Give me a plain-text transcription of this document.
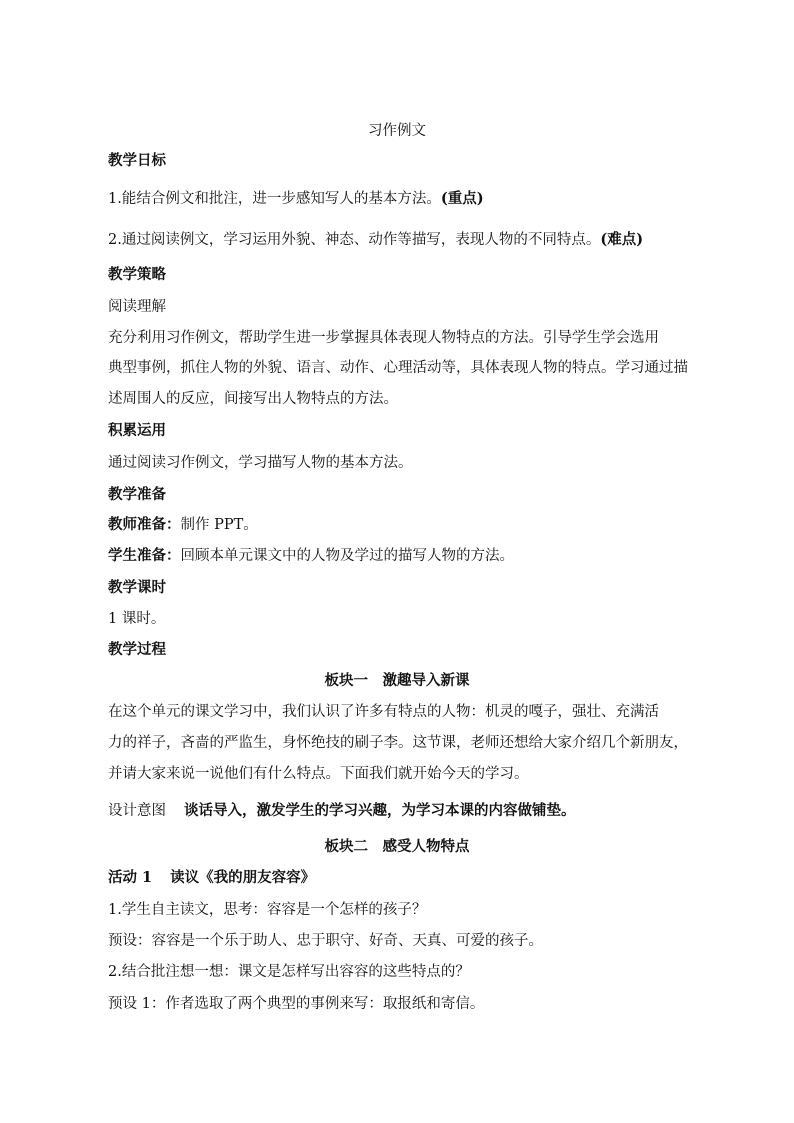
习作例文
教学日标
1.能结合例文和批注，进一步感知写人的基本方法。(重点)
2.通过阅读例文，学习运用外貌、神态、动作等描写，表现人物的不同特点。(难点)
教学策略
阅读理解
充分利用习作例文，帮助学生进一步掌握具体表现人物特点的方法。引导学生学会选用
典型事例，抓住人物的外貌、语言、动作、心理活动等，具体表现人物的特点。学习通过描
述周围人的反应，间接写出人物特点的方法。
积累运用
通过阅读习作例文，学习描写人物的基本方法。
教学准备
教师准备：制作 PPT。
学生准备：回顾本单元课文中的人物及学过的描写人物的方法。
教学课时
1 课时。
教学过程
板块一　激趣导入新课
在这个单元的课文学习中，我们认识了许多有特点的人物：机灵的嘎子，强壮、充满活
力的祥子，吝啬的严监生，身怀绝技的刷子李。这节课，老师还想给大家介绍几个新朋友，
并请大家来说一说他们有什么特点。下面我们就开始今天的学习。
设计意图 谈话导入，激发学生的学习兴趣，为学习本课的内容做铺垫。
板块二　感受人物特点
活动 1 读议《我的朋友容容》
1.学生自主读文，思考：容容是一个怎样的孩子？
预设：容容是一个乐于助人、忠于职守、好奇、天真、可爱的孩子。
2.结合批注想一想：课文是怎样写出容容的这些特点的？
预设 1：作者选取了两个典型的事例来写：取报纸和寄信。
